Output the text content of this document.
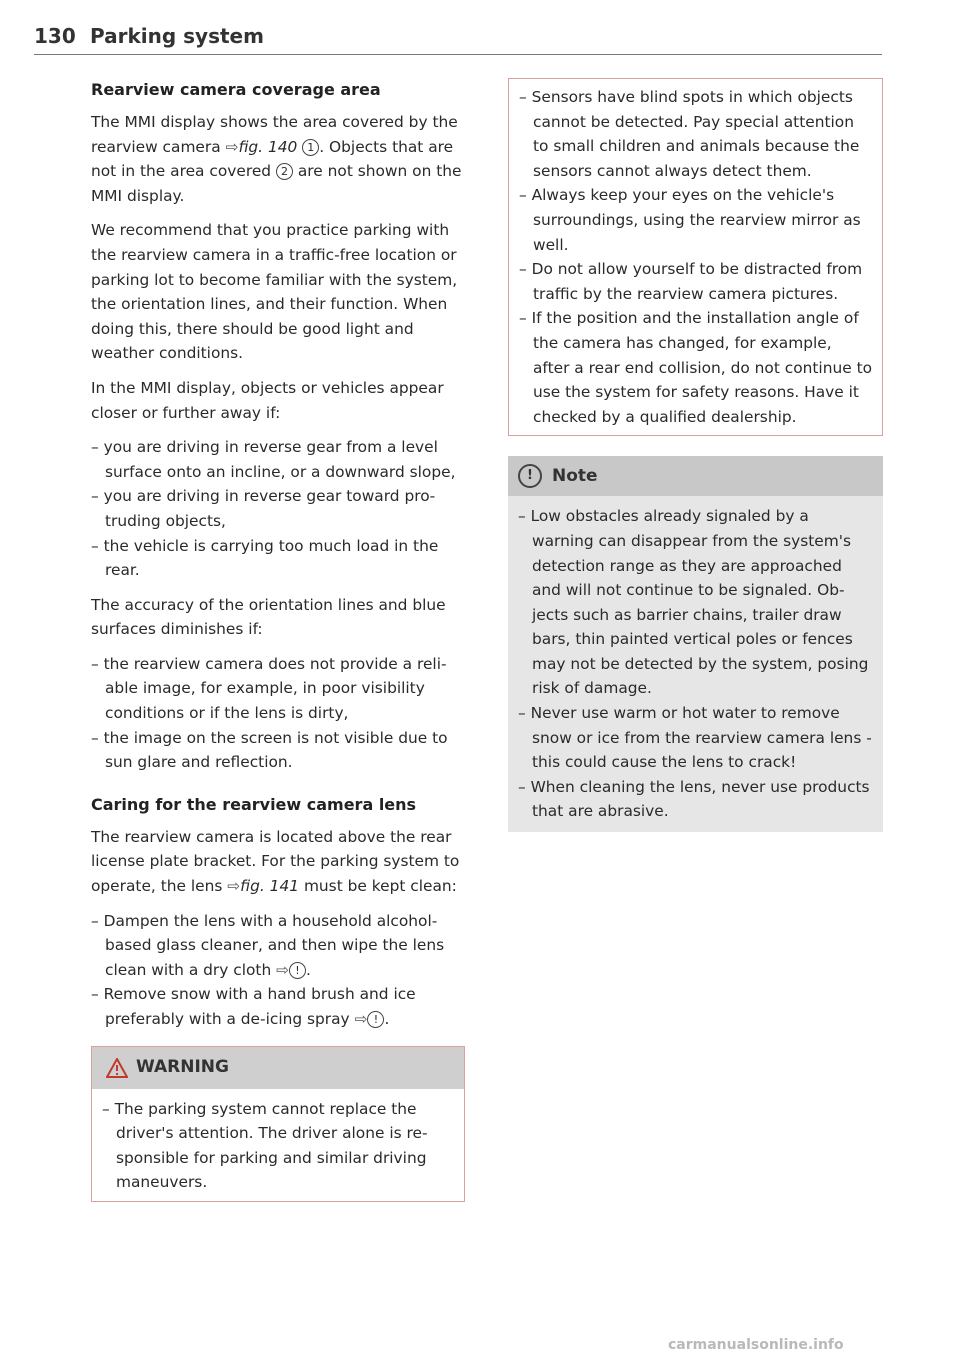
130 Parking system
Rearview camera coverage area

The MMI display shows the area covered by the rearview camera ⇨fig. 140 1 . Objects that are not in the area covered 2 are not shown on the MMI display.

We recommend that you practice parking with the rearview camera in a traffic-free location or parking lot to become familiar with the system, the orientation lines, and their function. When doing this, there should be good light and weather conditions.

In the MMI display, objects or vehicles appear closer or further away if:

– you are driving in reverse gear from a level surface onto an incline, or a downward slope,
– you are driving in reverse gear toward protruding objects,
– the vehicle is carrying too much load in the rear.

The accuracy of the orientation lines and blue surfaces diminishes if:

– the rearview camera does not provide a reliable image, for example, in poor visibility conditions or if the lens is dirty,
– the image on the screen is not visible due to sun glare and reflection.
Caring for the rearview camera lens

The rearview camera is located above the rear license plate bracket. For the parking system to operate, the lens ⇨fig. 141 must be kept clean:

– Dampen the lens with a household alcoholbased glass cleaner, and then wipe the lens clean with a dry cloth ⇨ ! .
– Remove snow with a hand brush and ice preferably with a de-icing spray ⇨ ! .
WARNING
– The parking system cannot replace the driver's attention. The driver alone is responsible for parking and similar driving maneuvers.
– Sensors have blind spots in which objects cannot be detected. Pay special attention to small children and animals because the sensors cannot always detect them.
– Always keep your eyes on the vehicle's surroundings, using the rearview mirror as well.
– Do not allow yourself to be distracted from traffic by the rearview camera pictures.
– If the position and the installation angle of the camera has changed, for example, after a rear end collision, do not continue to use the system for safety reasons. Have it checked by a qualified dealership.
!	Note
– Low obstacles already signaled by a warning can disappear from the system's detection range as they are approached and will not continue to be signaled. Objects such as barrier chains, trailer draw bars, thin painted vertical poles or fences may not be detected by the system, posing risk of damage.
– Never use warm or hot water to remove snow or ice from the rearview camera lens - this could cause the lens to crack!
– When cleaning the lens, never use products that are abrasive.
carmanualsonline.info
